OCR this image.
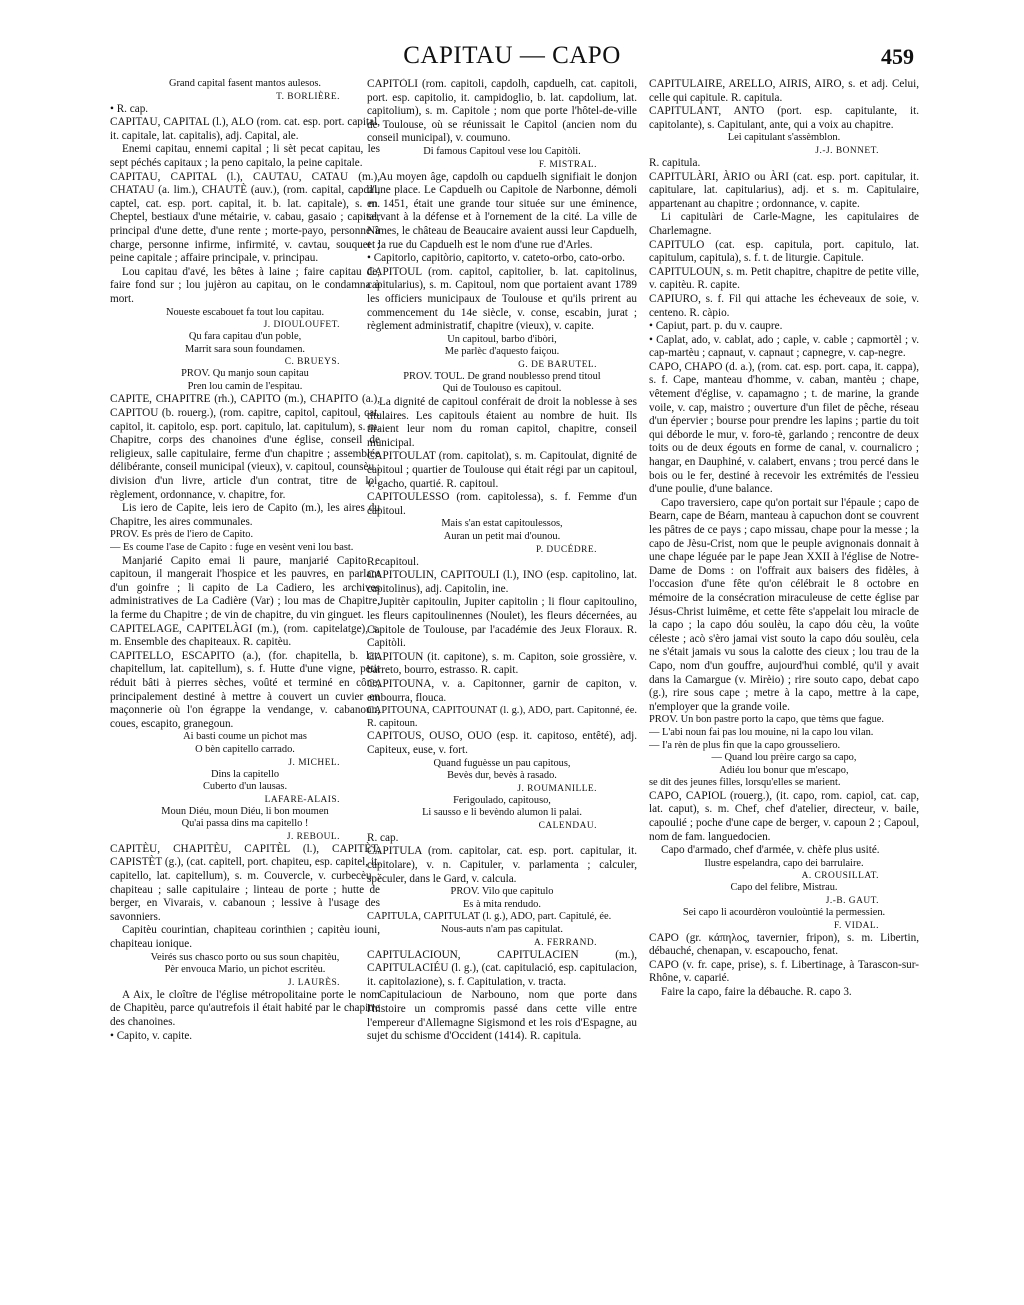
CAPITAU — CAPO	459

Grand capital fasent mantos aulesos.

T. BORLIÈRE.

• R. cap.

CAPITAU, CAPITAL (l.), ALO (rom. cat. esp. port. capital, it. capitale, lat. capitalis), adj. Capital, ale.

Enemi capitau, ennemi capital ; li sèt pecat capitau, les sept péchés capitaux ; la peno capitalo, la peine capitale.

CAPITAU, CAPITAL (l.), CAUTAU, CATAU (m.), CHATAU (a. lim.), CHAUTÈ (auv.), (rom. capital, capdal, captel, cat. esp. port. capital, it. b. lat. capitale), s. m. Cheptel, bestiaux d'une métairie, v. cabau, gasaio ; capital, principal d'une dette, d'une rente ; morte-payo, personne à charge, personne infirme, infirmité, v. cavtau, souquet ; peine capitale ; affaire principale, v. principau.

Lou capitau d'avé, les bêtes à laine ; faire capitau de, faire fond sur ; lou jujèron au capitau, on le condamna à mort.

Noueste escabouet fa tout lou capitau.

J. DIOULOUFET.

Qu fara capitau d'un poble,
Marrit sara soun foundamen.

C. BRUEYS.

PROV. Qu manjo soun capitau
Pren lou camin de l'espitau.

CAPITE, CHAPITRE (rh.), CAPITO (m.), CHAPITO (a.), CAPITOU (b. rouerg.), (rom. capitre, capitol, capitoul, cat. capitol, it. capitolo, esp. port. capitulo, lat. capitulum), s. m. Chapitre, corps des chanoines d'une église, conseil de religieux, salle capitulaire, ferme d'un chapitre ; assemblée délibérante, conseil municipal (vieux), v. capitoul, counsèu ; division d'un livre, article d'un contrat, titre de loi, règlement, ordonnance, v. chapitre, for.

Lis iero de Capite, leis iero de Capito (m.), les aires du Chapitre, les aires communales.

PROV. Es près de l'iero de Capito.

— Es coume l'ase de Capito : fuge en vesènt veni lou bast.

Manjarié Capito emai li paure, manjarié Capito e capitoun, il mangerait l'hospice et les pauvres, en parlant d'un goinfre ; li capito de La Cadiero, les archives administratives de La Cadière (Var) ; lou mas de Chapitre, la ferme du Chapitre ; de vin de chapitre, du vin ginguet.

CAPITELAGE, CAPITELÀGI (m.), (rom. capitelatge), s. m. Ensemble des chapiteaux. R. capitèu.

CAPITELLO, ESCAPITO (a.), (for. chapitella, b. lat. chapitellum, lat. capitellum), s. f. Hutte d'une vigne, petit réduit bâti à pierres sèches, voûté et terminé en cône, principalement destiné à mettre à couvert un cuvier en maçonnerie où l'on égrappe la vendange, v. cabanoun, coues, escapito, granegoun.

Ai basti coume un pichot mas
O bèn capitello carrado.

J. MICHEL.

Dins la capitello
Cuberto d'un lausas.

LAFARE-ALAIS.

Moun Diéu, moun Diéu, li bon moumen
Qu'ai passa dins ma capitello !

J. REBOUL.

CAPITÈU, CHAPITÈU, CAPITÈL (l.), CAPITÈT, CAPISTÈT (g.), (cat. capitell, port. chapiteu, esp. capitel, it. capitello, lat. capitellum), s. m. Couvercle, v. curbecèu ; chapiteau ; salle capitulaire ; linteau de porte ; hutte de berger, en Vivarais, v. cabanoun ; lessive à l'usage des savonniers.

Capitèu courintian, chapiteau corinthien ; capitèu iouni, chapiteau ionique.

Veirés sus chasco porto ou sus soun chapitèu,
Pèr envouca Mario, un pichot escritèu.

J. LAURÈS.

A Aix, le cloître de l'église métropolitaine porte le nom de Chapitèu, parce qu'autrefois il était habité par le chapitre des chanoines.

• Capito, v. capite.

CAPITÒLI (rom. capitoli, capdolh, capduelh, cat. capitoli, port. esp. capitolio, it. campidoglio, b. lat. capdolium, lat. capitolium), s. m. Capitole ; nom que porte l'hôtel-de-ville de Toulouse, où se réunissait le Capitol (ancien nom du conseil municipal), v. coumuno.

Di famous Capitoul vese lou Capitòli.

F. MISTRAL.

Au moyen âge, capdolh ou capduelh signifiait le donjon d'une place. Le Capduelh ou Capitole de Narbonne, démoli en 1451, était une grande tour située sur une éminence, servant à la défense et à l'ornement de la cité. La ville de Nîmes, le château de Beaucaire avaient aussi leur Capduelh, et la rue du Capduelh est le nom d'une rue d'Arles.

• Capitorlo, capitòrio, capitorto, v. cateto-orbo, cato-orbo.

CAPITOUL (rom. capitol, capitolier, b. lat. capitolinus, capitularius), s. m. Capitoul, nom que portaient avant 1789 les officiers municipaux de Toulouse et qu'ils prirent au commencement du 14e siècle, v. conse, escabin, jurat ; règlement administratif, chapitre (vieux), v. capite.

Un capitoul, barbo d'ibòri,
Me parlèc d'aquesto faiçou.

G. DE BARUTEL.

PROV. TOUL. De grand noublesso prend titoul
Qui de Toulouso es capitoul.

La dignité de capitoul conférait de droit la noblesse à ses titulaires. Les capitouls étaient au nombre de huit. Ils tiraient leur nom du roman capitol, chapitre, conseil municipal.

CAPITOULAT (rom. capitolat), s. m. Capitoulat, dignité de capitoul ; quartier de Toulouse qui était régi par un capitoul, v. gacho, quartié. R. capitoul.

CAPITOULESSO (rom. capitolessa), s. f. Femme d'un capitoul.

Mais s'an estat capitoulessos,
Auran un petit mai d'ounou.

P. DUCÉDRE.

R. capitoul.

CAPITOULIN, CAPITOULI (l.), INO (esp. capitolino, lat. capitolinus), adj. Capitolin, ine.

Jupitèr capitoulin, Jupiter capitolin ; li flour capitoulino, les fleurs capitoulinennes (Noulet), les fleurs décernées, au Capitole de Toulouse, par l'académie des Jeux Floraux. R. Capitòli.

CAPITOUN (it. capitone), s. m. Capiton, soie grossière, v. barreto, bourro, estrasso. R. capit.

CAPITOUNA, v. a. Capitonner, garnir de capiton, v. embourra, flouca.

CAPITOUNA, CAPITOUNAT (l. g.), ADO, part. Capitonné, ée. R. capitoun.

CAPITOUS, OUSO, OUO (esp. it. capitoso, entêté), adj. Capiteux, euse, v. fort.

Quand fuguèsse un pau capitous,
Bevès dur, bevès à rasado.

J. ROUMANILLE.

Ferigoulado, capitouso,
Li sausso e li bevèndo alumon li palai.

CALENDAU.

R. cap.

CAPITULA (rom. capitolar, cat. esp. port. capitular, it. capitolare), v. n. Capituler, v. parlamenta ; calculer, spéculer, dans le Gard, v. calcula.

PROV. Vilo que capitulo
Es à mita rendudo.

CAPITULA, CAPITULAT (l. g.), ADO, part. Capitulé, ée.

Nous-auts n'am pas capitulat.

A. FERRAND.

CAPITULACIOUN, CAPITULACIEN (m.), CAPITULACIÉU (l. g.), (cat. capitulació, esp. capitulacion, it. capitolazione), s. f. Capitulation, v. tracta.

Capitulacioun de Narbouno, nom que porte dans l'histoire un compromis passé dans cette ville entre l'empereur d'Allemagne Sigismond et les rois d'Espagne, au sujet du schisme d'Occident (1414). R. capitula.

CAPITULAIRE, ARELLO, AIRIS, AIRO, s. et adj. Celui, celle qui capitule. R. capitula.

CAPITULANT, ANTO (port. esp. capitulante, it. capitolante), s. Capitulant, ante, qui a voix au chapitre.

Lei capitulant s'assèmblon.

J.-J. BONNET.

R. capitula.

CAPITULÀRI, ÀRIO ou ÀRI (cat. esp. port. capitular, it. capitulare, lat. capitularius), adj. et s. m. Capitulaire, appartenant au chapitre ; ordonnance, v. capite.

Li capitulàri de Carle-Magne, les capitulaires de Charlemagne.

CAPITULO (cat. esp. capitula, port. capitulo, lat. capitulum, capitula), s. f. t. de liturgie. Capitule.

CAPITULOUN, s. m. Petit chapitre, chapitre de petite ville, v. capitèu. R. capite.

CAPIURO, s. f. Fil qui attache les écheveaux de soie, v. centeno. R. càpio.

• Capiut, part. p. du v. caupre.

• Caplat, ado, v. cablat, ado ; caple, v. cable ; capmortèl ; v. cap-martèu ; capnaut, v. capnaut ; capnegre, v. cap-negre.

CAPO, CHAPO (d. a.), (rom. cat. esp. port. capa, it. cappa), s. f. Cape, manteau d'homme, v. caban, mantèu ; chape, vêtement d'église, v. capamagno ; t. de marine, la grande voile, v. cap, maistro ; ouverture d'un filet de pêche, réseau d'un épervier ; bourse pour prendre les lapins ; partie du toit qui déborde le mur, v. foro-tè, garlando ; rencontre de deux toits ou de deux égouts en forme de canal, v. cournalicro ; hangar, en Dauphiné, v. calabert, envans ; trou percé dans le bois ou le fer, destiné à recevoir les extrémités de l'essieu d'une poulie, d'une balance.

Capo traversiero, cape qu'on portait sur l'épaule ; capo de Bearn, cape de Béarn, manteau à capuchon dont se couvrent les pâtres de ce pays ; capo missau, chape pour la messe ; la capo de Jèsu-Crist, nom que le peuple avignonais donnait à une chape léguée par le pape Jean XXII à l'église de Notre-Dame de Doms : on l'offrait aux baisers des fidèles, à l'occasion d'une fête qu'on célébrait le 8 octobre en mémoire de la consécration miraculeuse de cette église par Jésus-Christ luimême, et cette fête s'appelait lou miracle de la capo ; la capo dóu soulèu, la capo dóu cèu, la voûte céleste ; acò s'èro jamai vist souto la capo dóu soulèu, cela ne s'était jamais vu sous la calotte des cieux ; lou trau de la Capo, nom d'un gouffre, aujourd'hui comblé, qu'il y avait dans la Camargue (v. Mirèio) ; rire souto capo, debat capo (g.), rire sous cape ; metre à la capo, mettre à la cape, n'employer que la grande voile.

PROV. Un bon pastre porto la capo, que tèms que fague.

— L'abi noun fai pas lou mouine, ni la capo lou vilan.

— I'a rèn de plus fin que la capo grousseliero.

— Quand lou prèire cargo sa capo,
Adiéu lou bonur que m'escapo,

se dit des jeunes filles, lorsqu'elles se marient.

CAPO, CAPIOL (rouerg.), (it. capo, rom. capiol, cat. cap, lat. caput), s. m. Chef, chef d'atelier, directeur, v. baile, capoulié ; poche d'une cape de berger, v. capoun 2 ; Capoul, nom de fam. languedocien.

Capo d'armado, chef d'armée, v. chèfe plus usité.

Ilustre espelandra, capo dei barrulaire.

A. CROUSILLAT.

Capo del felibre, Mistrau.

J.-B. GAUT.

Sei capo li acourdèron vouloùntié la permessien.

F. VIDAL.

CAPO (gr. κάπηλος, tavernier, fripon), s. m. Libertin, débauché, chenapan, v. escapoucho, fenat.

CAPO (v. fr. cape, prise), s. f. Libertinage, à Tarascon-sur-Rhône, v. caparié.

Faire la capo, faire la débauche. R. capo 3.
